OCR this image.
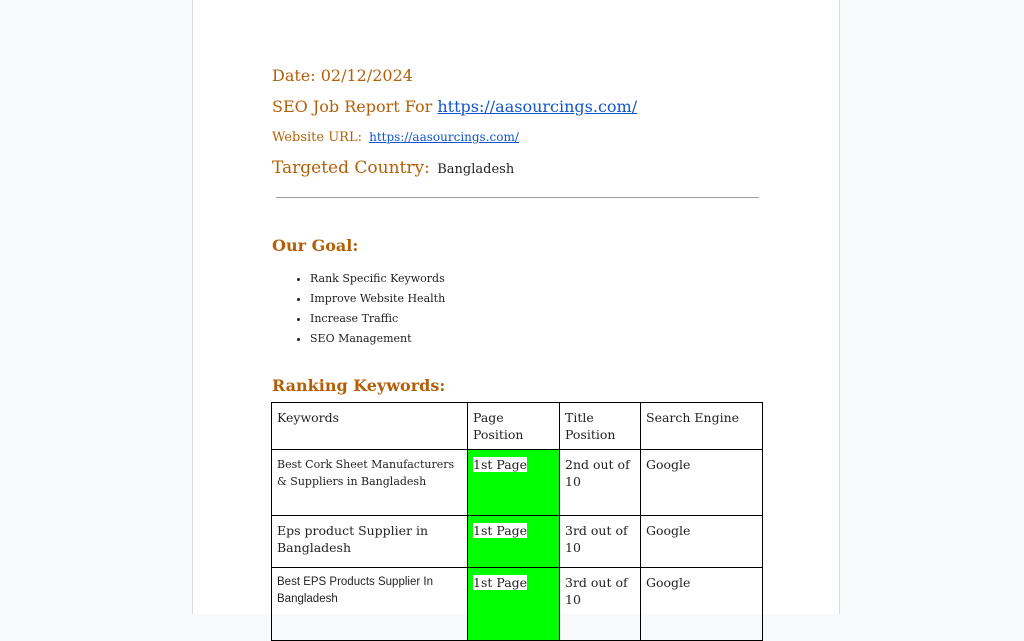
Date: 02/12/2024
SEO Job Report For https://aasourcings.com/
Website URL: https://aasourcings.com/
Targeted Country: Bangladesh
Our Goal:
• Rank Specific Keywords
• Improve Website Health
• Increase Traffic
• SEO Management
Ranking Keywords:
Keywords	Page Position	Title Position	Search Engine
Best Cork Sheet Manufacturers & Suppliers in Bangladesh	1st Page	2nd out of 10	Google
Eps product Supplier in Bangladesh	1st Page	3rd out of 10	Google
Best EPS Products Supplier In Bangladesh	1st Page	3rd out of 10	Google
